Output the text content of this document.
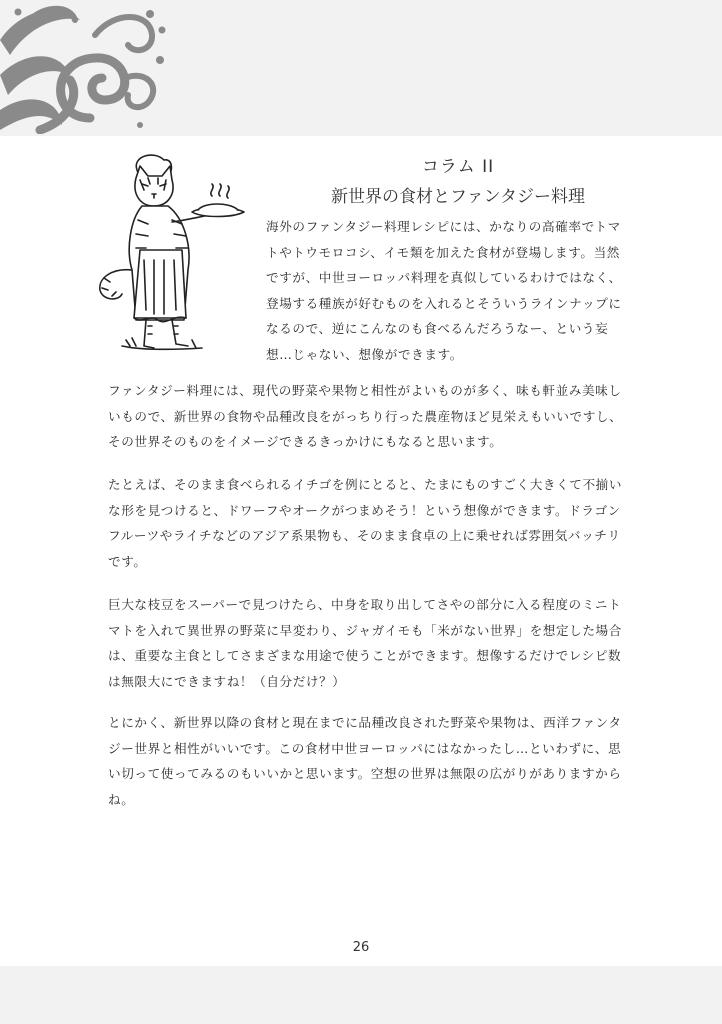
コラム II
新世界の食材とファンタジー料理

海外のファンタジー料理レシピには、かなりの高確率でトマトやトウモロコシ、イモ類を加えた食材が登場します。当然ですが、中世ヨーロッパ料理を真似しているわけではなく、登場する種族が好むものを入れるとそういうラインナップになるので、逆にこんなのも食べるんだろうなー、という妄想…じゃない、想像ができます。

ファンタジー料理には、現代の野菜や果物と相性がよいものが多く、味も軒並み美味しいもので、新世界の食物や品種改良をがっちり行った農産物ほど見栄えもいいですし、その世界そのものをイメージできるきっかけにもなると思います。

たとえば、そのまま食べられるイチゴを例にとると、たまにものすごく大きくて不揃いな形を見つけると、ドワーフやオークがつまめそう！という想像ができます。ドラゴンフルーツやライチなどのアジア系果物も、そのまま食卓の上に乗せれば雰囲気バッチリです。

巨大な枝豆をスーパーで見つけたら、中身を取り出してさやの部分に入る程度のミニトマトを入れて異世界の野菜に早変わり、ジャガイモも「米がない世界」を想定した場合は、重要な主食としてさまざまな用途で使うことができます。想像するだけでレシピ数は無限大にできますね！（自分だけ？）

とにかく、新世界以降の食材と現在までに品種改良された野菜や果物は、西洋ファンタジー世界と相性がいいです。この食材中世ヨーロッパにはなかったし…といわずに、思い切って使ってみるのもいいかと思います。空想の世界は無限の広がりがありますからね。

26
